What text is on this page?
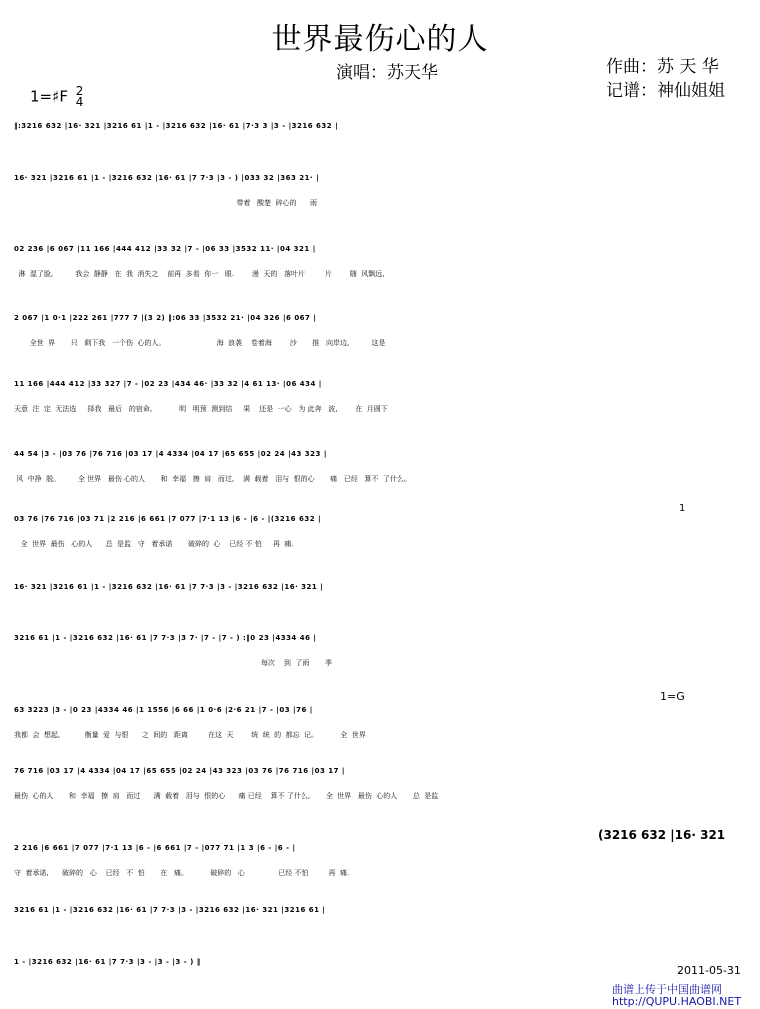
世界最伤心的人
演唱：苏天华	作曲：苏 天 华
记谱：神仙姐姐
1=♯F 2
4
‖:3216 632 |16· 321 |3216 61 |1 - |3216 632 |16· 61 |7·3 3 |3 - |3216 632 |
16· 321 |3216 61 |1 - |3216 632 |16· 61 |7 7·3 |3 - ) |033 32 |363 21· |
带着   酸楚  碎心的      雨
02 236 |6 067 |11 166 |444 412 |33 32 |7 - |06 33 |3532 11· |04 321 |
淋  湿了脸,          我会  静静   在  我  消失之    前再  多看  你一   眼.        漫  天的   落叶片         片        随  风飘远,
2 067 |1 0·1 |222 261 |777 7 |(3 2) ‖:06 33 |3532 21· |04 326 |6 067 |
全世  界       只   剩下我   一个伤  心的人。                       海  浪袭    卷着海        沙       推   向岸边,          这是
11 166 |444 412 |33 327 |7 - |02 23 |434 46· |33 32 |4 61 13· |06 434 |
天意  注  定  无法选     择我   最后   的宿命。          明   明预  测到结     果    还是  一心   为 此奔   波,        在  月圆下
44 54 |3 - |03 76 |76 716 |03 17 |4 4334 |04 17 |65 655 |02 24 |43 323 |
风  中挣  脱。        全 世界   最伤 心的人       和  幸福   擦  肩   而过,    满  载着   泪与  恨的心       痛   已经   算不  了什么。
03 76 |76 716 |03 71 |2 216 |6 661 |7 077 |7·1 13 |6 - |6 - |(3216 632 |
全  世界  最伤   心的人      总  是监   守   着承诺       破碎的  心    已经 不 怕     再  痛.
16· 321 |3216 61 |1 - |3216 632 |16· 61 |7 7·3 |3 - |3216 632 |16· 321 |
3216 61 |1 - |3216 632 |16· 61 |7 7·3 |3 7· |7 - |7 - ) :‖0 23 |4334 46 |
每次    到  了雨       季
63 3223 |3 - |0 23 |4334 46 |1 1556 |6 66 |1 0·6 |2·6 21 |7 - |03 |76 |
我都  会  想起,           衡量  爱  与恨      之  间的   距离         在这  天        统  统  的  都忘  记。          全  世界
76 716 |03 17 |4 4334 |04 17 |65 655 |02 24 |43 323 |03 76 |76 716 |03 17 |
最伤  心的人       和  幸福   擦  肩   而过      满  载着   泪与  恨的心      痛 已经    算不 了什么,       全  世界   最伤  心的人       总  是监
2 216 |6 661 |7 077 |7·1 13 |6 - |6 661 |7 - |077 71 |1 3 |6 - |6 - |
守  着承诺,      破碎的   心    已经   不  怕       在   痛。          破碎的   心               已经 不怕         再  痛.
3216 61 |1 - |3216 632 |16· 61 |7 7·3 |3 - |3216 632 |16· 321 |3216 61 |
1 - |3216 632 |16· 61 |7 7·3 |3 - |3 - |3 - ) ‖
1=G
1
(3216 632 |16· 321
2011-05-31
曲谱上传于中国曲谱网
http://QUPU.HAOBI.NET
